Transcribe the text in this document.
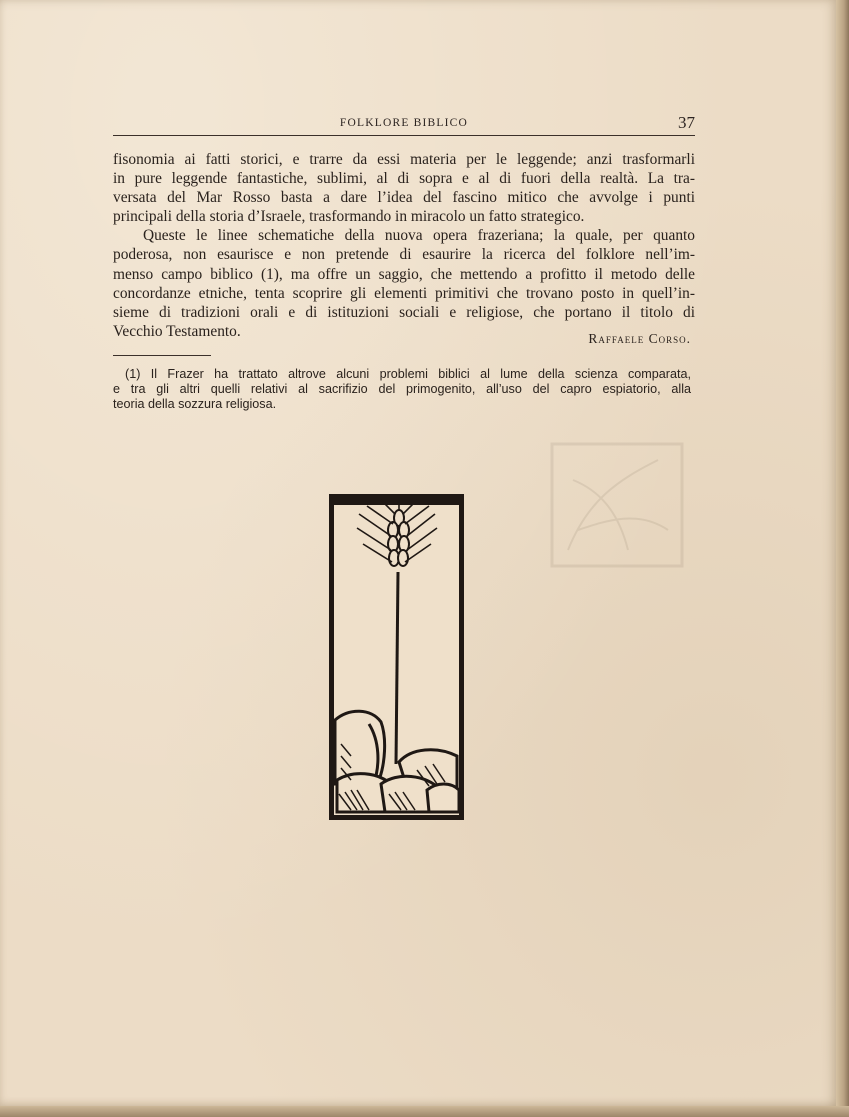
FOLKLORE BIBLICO	37
fisonomia ai fatti storici, e trarre da essi materia per le leggende; anzi trasformarli
in pure leggende fantastiche, sublimi, al di sopra e al di fuori della realtà. La tra-
versata del Mar Rosso basta a dare l’idea del fascino mitico che avvolge i punti
principali della storia d’Israele, trasformando in miracolo un fatto strategico.
Queste le linee schematiche della nuova opera frazeriana; la quale, per quanto
poderosa, non esaurisce e non pretende di esaurire la ricerca del folklore nell’im-
menso campo biblico (1), ma offre un saggio, che mettendo a profitto il metodo delle
concordanze etniche, tenta scoprire gli elementi primitivi che trovano posto in quell’in-
sieme di tradizioni orali e di istituzioni sociali e religiose, che portano il titolo di
Vecchio Testamento.	Raffaele Corso.
(1) Il Frazer ha trattato altrove alcuni problemi biblici al lume della scienza comparata,
e tra gli altri quelli relativi al sacrifizio del primogenito, all’uso del capro espiatorio, alla
teoria della sozzura religiosa.
